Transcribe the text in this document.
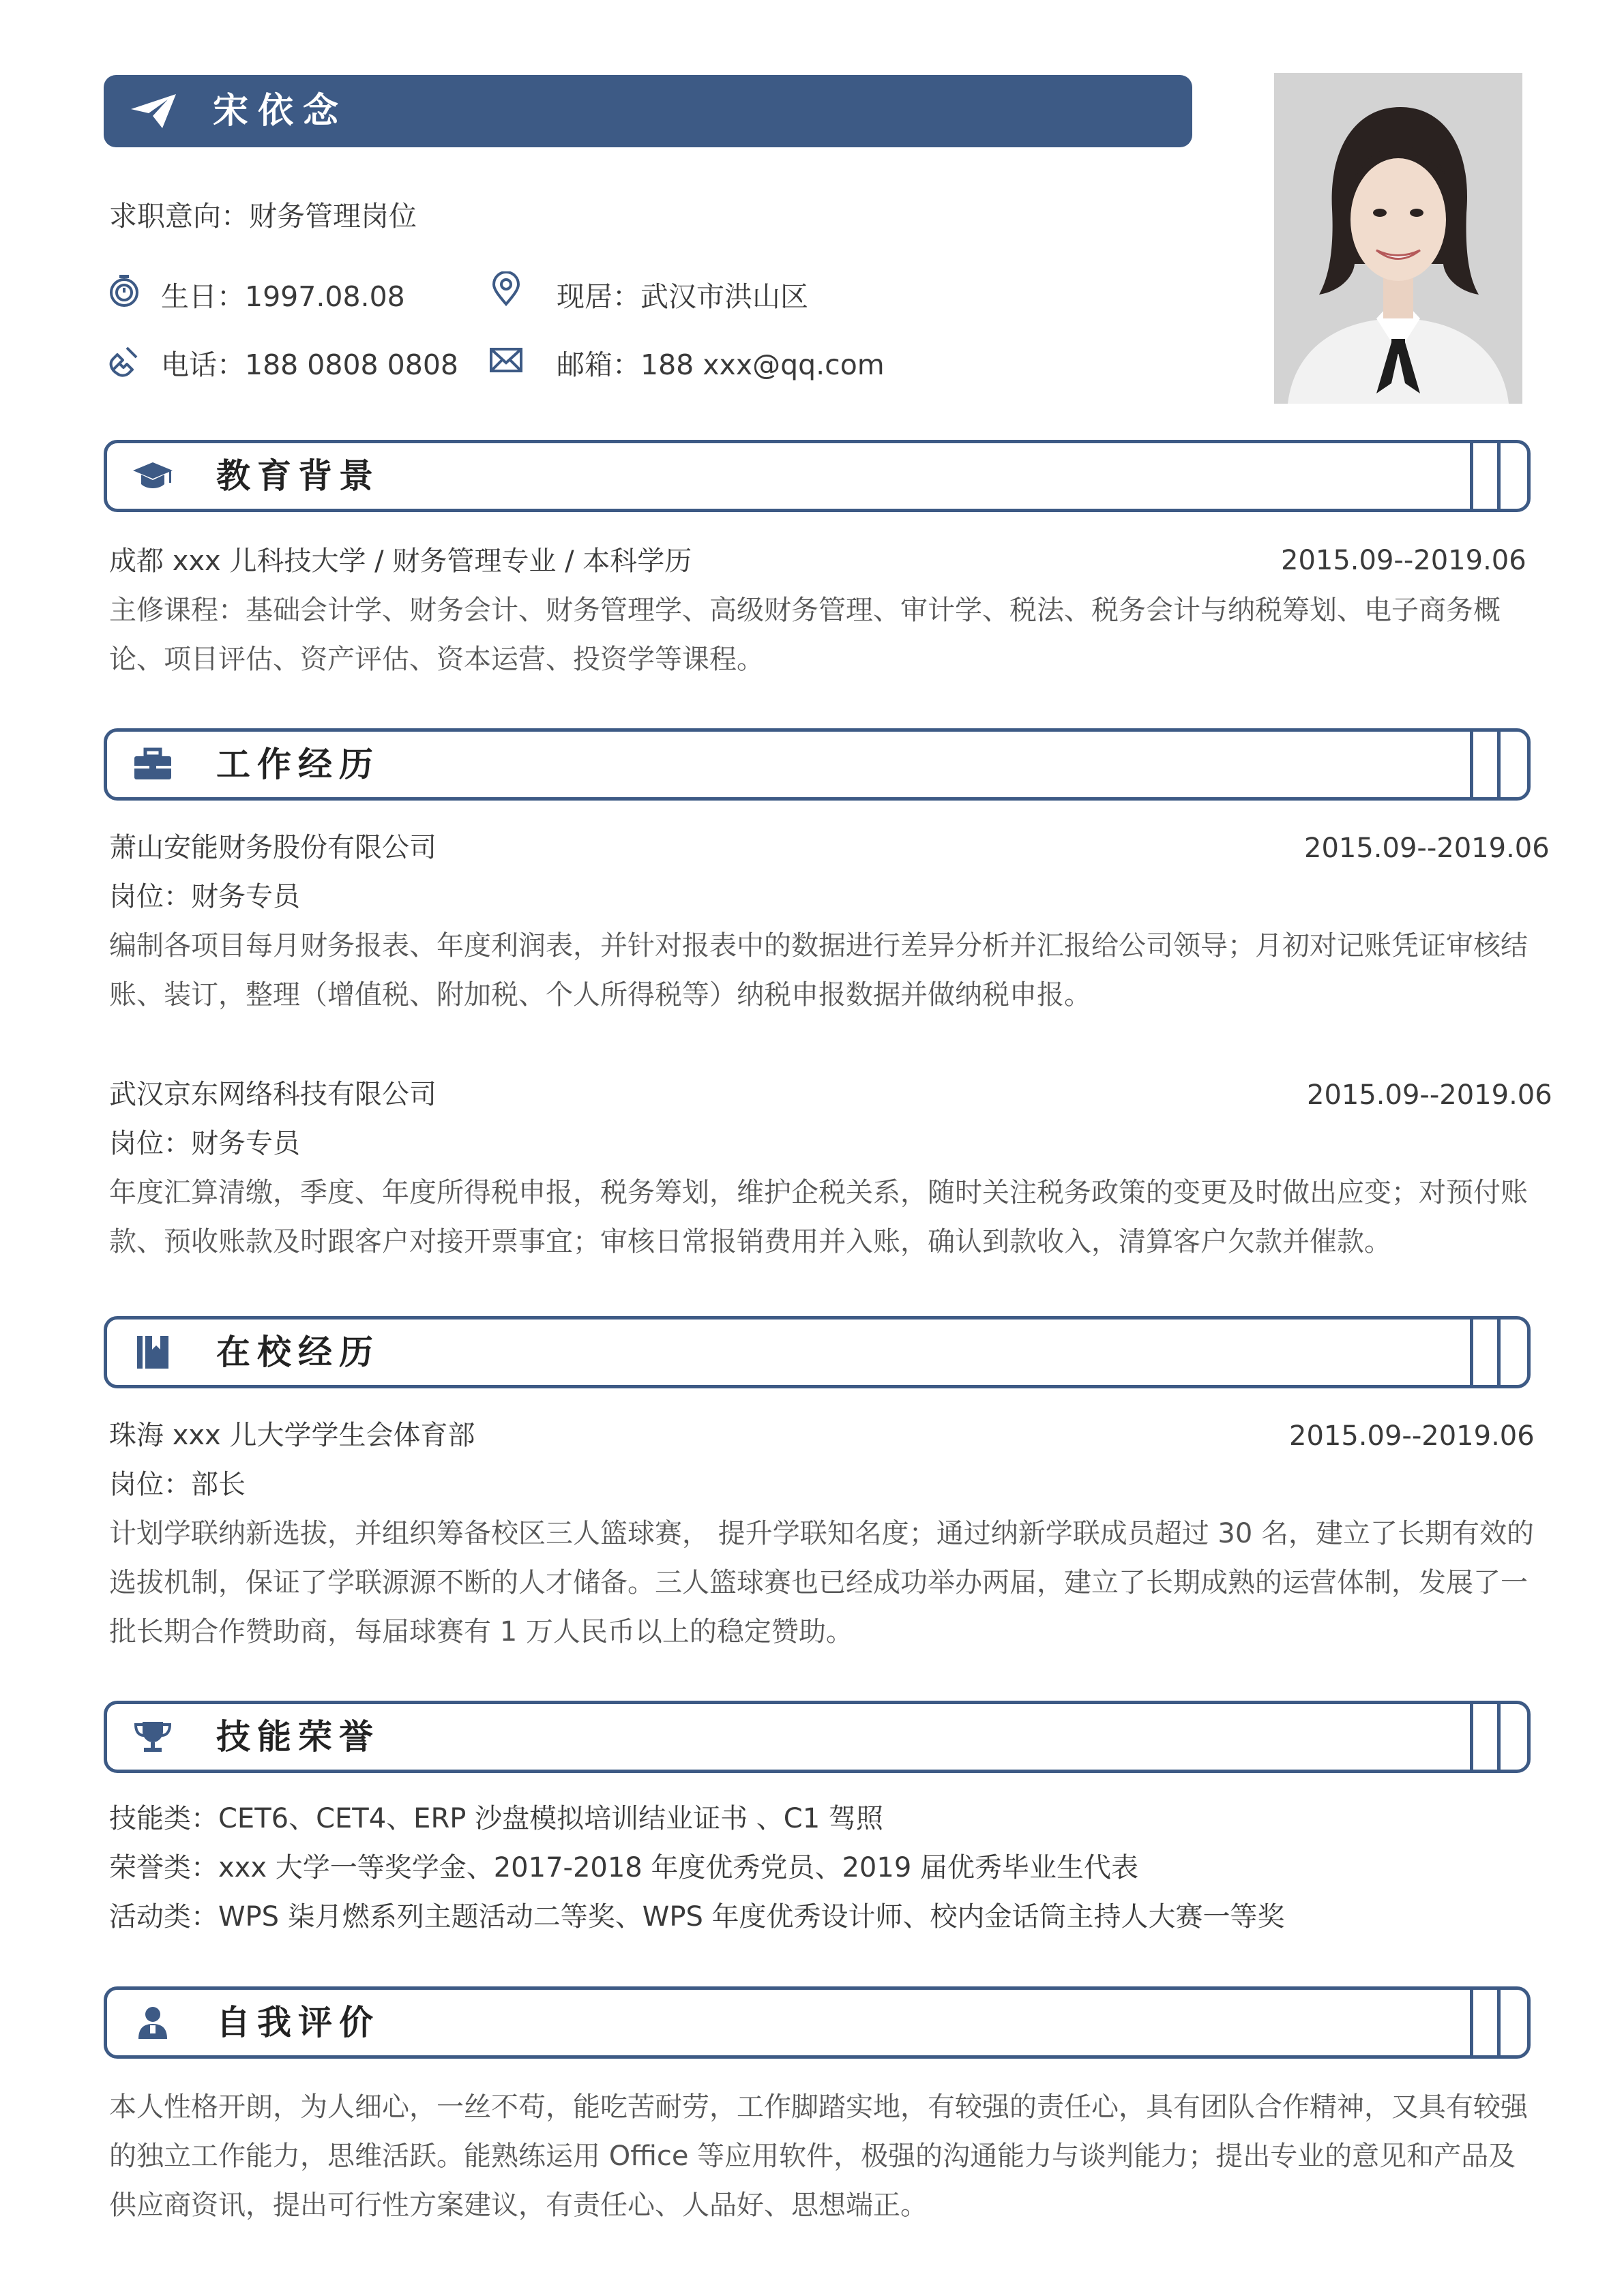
宋依念
求职意向：财务管理岗位
生日：1997.08.08	现居：武汉市洪山区
电话：188 0808 0808	邮箱：188 xxx@qq.com
教育背景
成都 xxx 儿科技大学 / 财务管理专业 / 本科学历	2015.09--2019.06
主修课程：基础会计学、财务会计、财务管理学、高级财务管理、审计学、税法、税务会计与纳税筹划、电子商务概论、项目评估、资产评估、资本运营、投资学等课程。
工作经历
萧山安能财务股份有限公司	2015.09--2019.06
岗位：财务专员
编制各项目每月财务报表、年度利润表，并针对报表中的数据进行差异分析并汇报给公司领导；月初对记账凭证审核结账、装订，整理（增值税、附加税、个人所得税等）纳税申报数据并做纳税申报。
武汉京东网络科技有限公司	2015.09--2019.06
岗位：财务专员
年度汇算清缴，季度、年度所得税申报，税务筹划，维护企税关系，随时关注税务政策的变更及时做出应变；对预付账款、预收账款及时跟客户对接开票事宜；审核日常报销费用并入账，确认到款收入，清算客户欠款并催款。
在校经历
珠海 xxx 儿大学学生会体育部	2015.09--2019.06
岗位：部长
计划学联纳新选拔，并组织筹备校区三人篮球赛， 提升学联知名度；通过纳新学联成员超过 30 名，建立了长期有效的选拔机制，保证了学联源源不断的人才储备。三人篮球赛也已经成功举办两届，建立了长期成熟的运营体制，发展了一批长期合作赞助商，每届球赛有 1 万人民币以上的稳定赞助。
技能荣誉
技能类：CET6、CET4、ERP 沙盘模拟培训结业证书 、C1 驾照
荣誉类：xxx 大学一等奖学金、2017-2018 年度优秀党员、2019 届优秀毕业生代表
活动类：WPS 柒月燃系列主题活动二等奖、WPS 年度优秀设计师、校内金话筒主持人大赛一等奖
自我评价
本人性格开朗，为人细心，一丝不苟，能吃苦耐劳，工作脚踏实地，有较强的责任心，具有团队合作精神，又具有较强的独立工作能力，思维活跃。能熟练运用 Office 等应用软件，极强的沟通能力与谈判能力；提出专业的意见和产品及供应商资讯，提出可行性方案建议，有责任心、人品好、思想端正。
